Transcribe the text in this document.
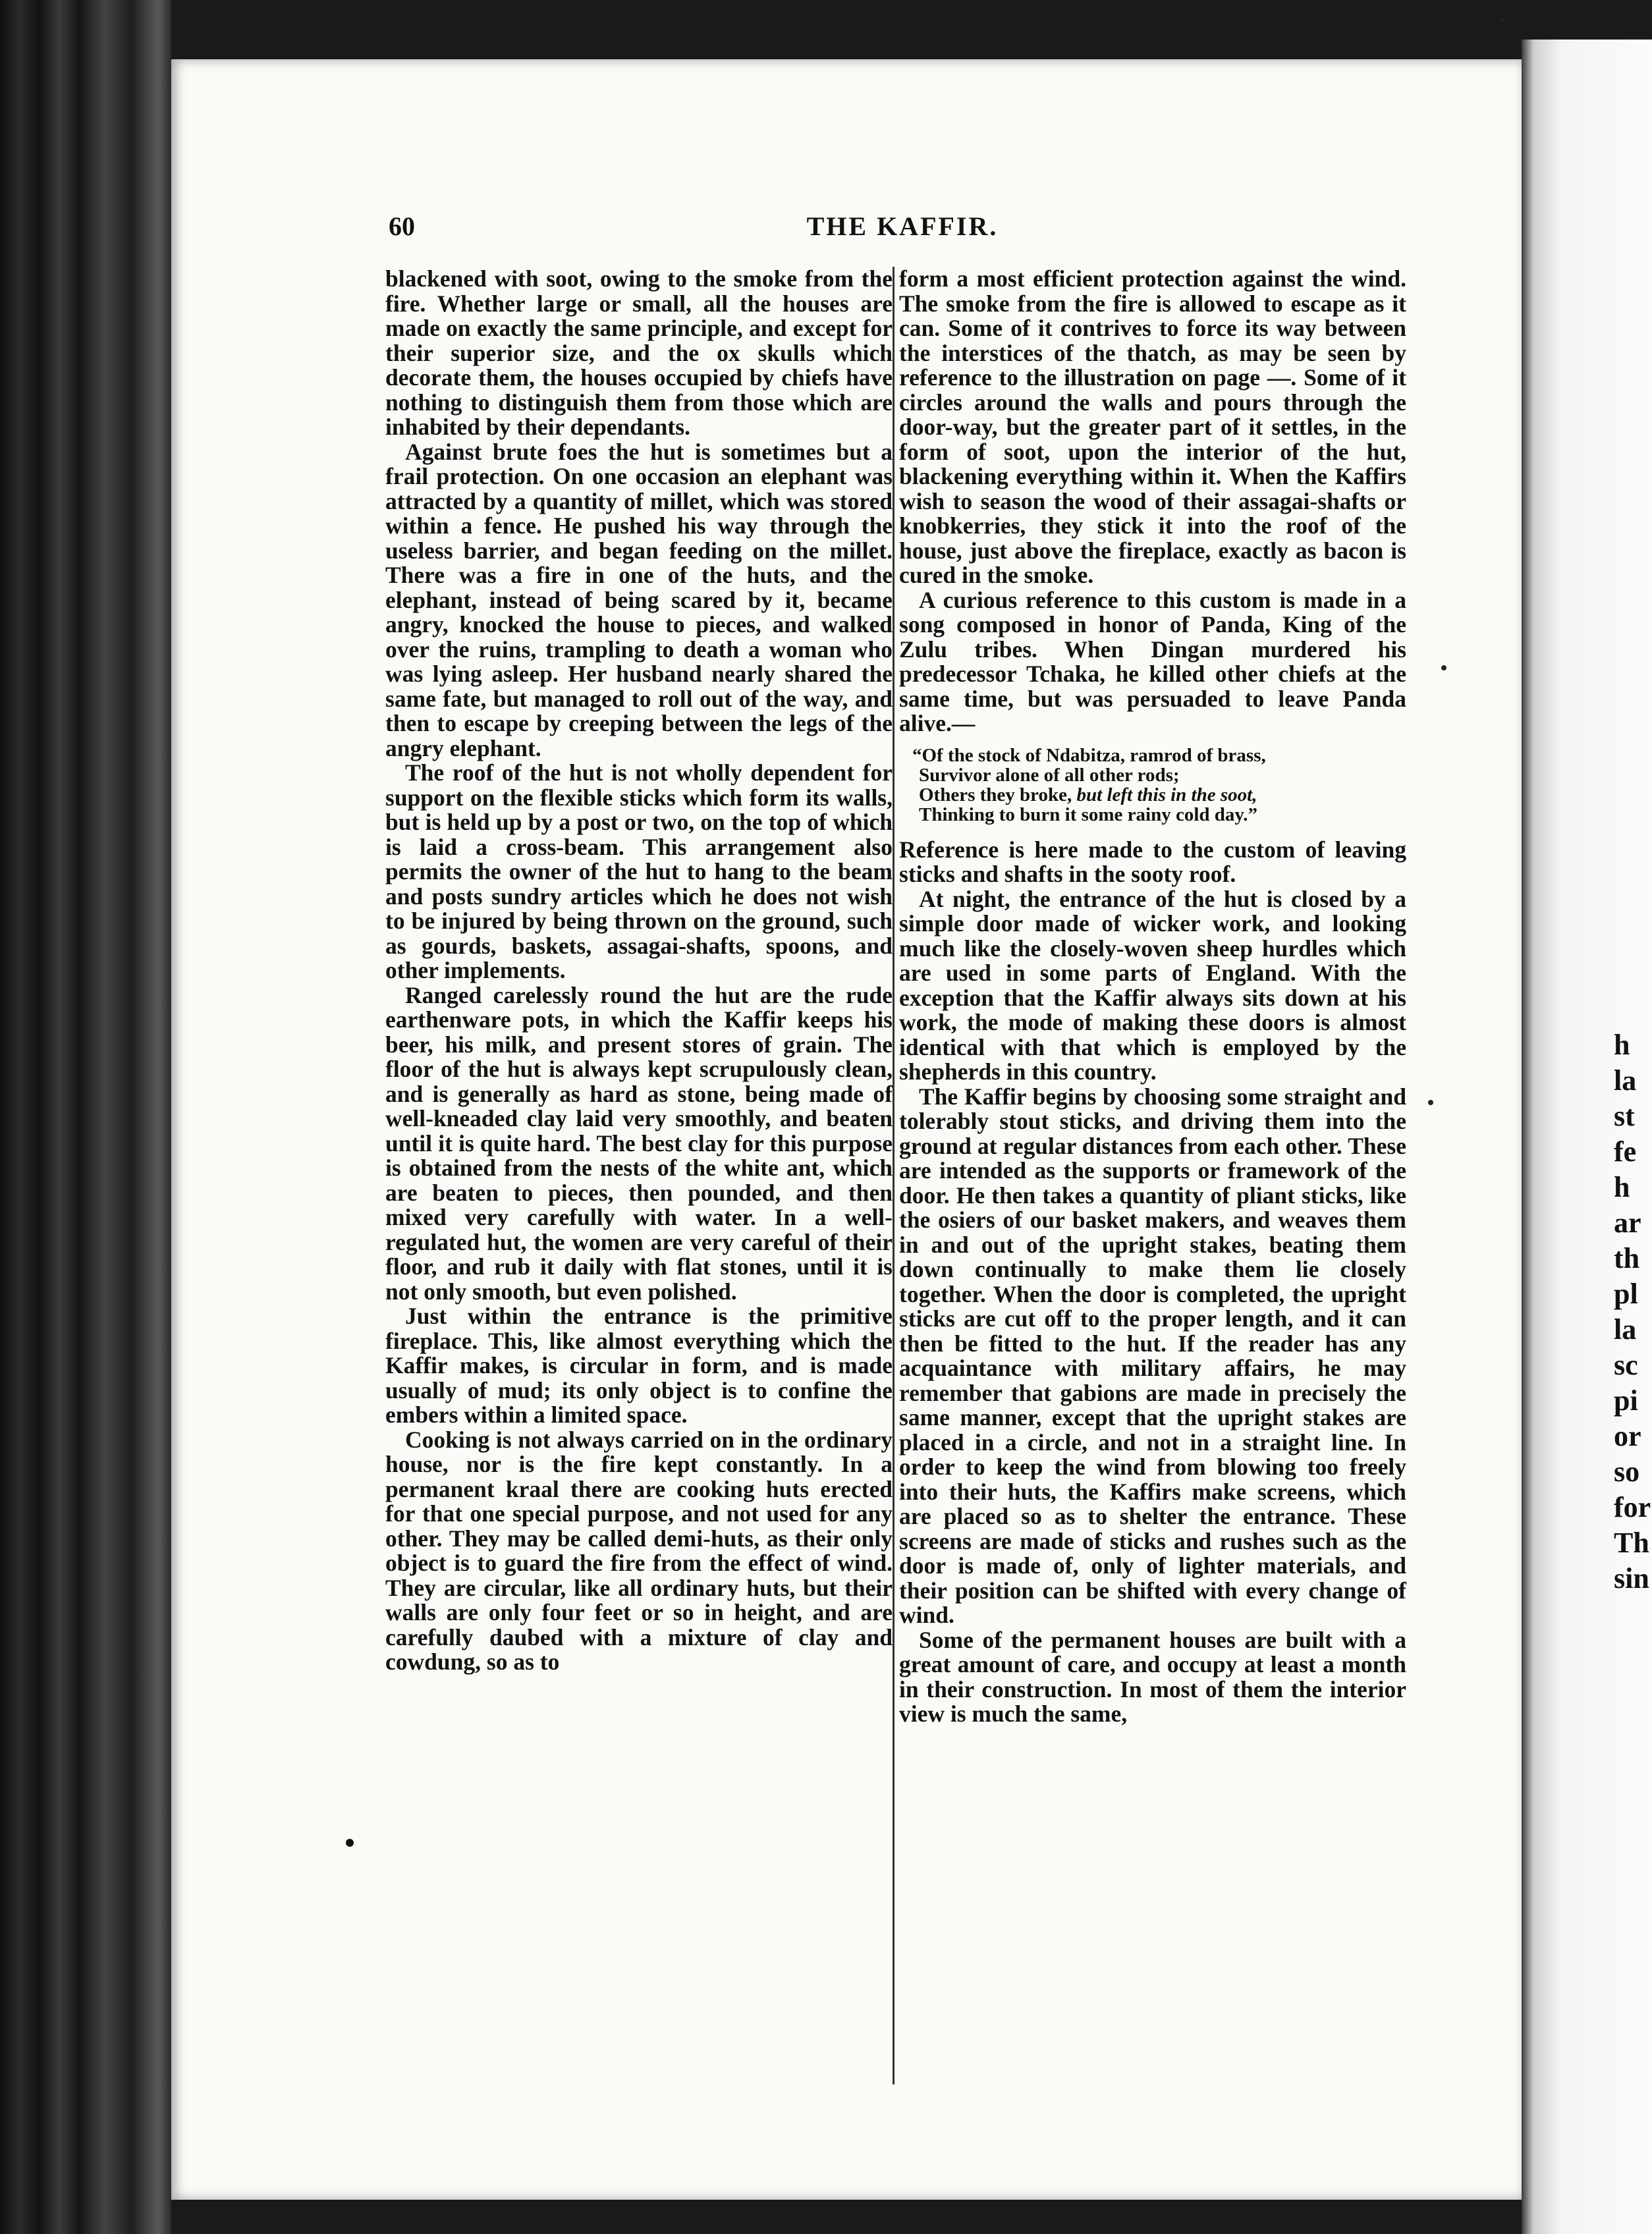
h
la
st
fe
h
ar
th
pl
la
sc
pi
or
so
for
Th
sin
·
60	THE KAFFIR.

blackened with soot, owing to the smoke from the fire. Whether large or small, all the houses are made on exactly the same principle, and except for their superior size, and the ox skulls which decorate them, the houses occupied by chiefs have nothing to distinguish them from those which are inhabited by their dependants.

Against brute foes the hut is sometimes but a frail protection. On one occasion an elephant was attracted by a quantity of millet, which was stored within a fence. He pushed his way through the useless barrier, and began feeding on the millet. There was a fire in one of the huts, and the elephant, instead of being scared by it, became angry, knocked the house to pieces, and walked over the ruins, trampling to death a woman who was lying asleep. Her husband nearly shared the same fate, but managed to roll out of the way, and then to escape by creeping between the legs of the angry elephant.

The roof of the hut is not wholly dependent for support on the flexible sticks which form its walls, but is held up by a post or two, on the top of which is laid a cross-beam. This arrangement also permits the owner of the hut to hang to the beam and posts sundry articles which he does not wish to be injured by being thrown on the ground, such as gourds, baskets, assagai-shafts, spoons, and other implements.

Ranged carelessly round the hut are the rude earthenware pots, in which the Kaffir keeps his beer, his milk, and present stores of grain. The floor of the hut is always kept scrupulously clean, and is generally as hard as stone, being made of well-kneaded clay laid very smoothly, and beaten until it is quite hard. The best clay for this purpose is obtained from the nests of the white ant, which are beaten to pieces, then pounded, and then mixed very carefully with water. In a well-regulated hut, the women are very careful of their floor, and rub it daily with flat stones, until it is not only smooth, but even polished.

Just within the entrance is the primitive fireplace. This, like almost everything which the Kaffir makes, is circular in form, and is made usually of mud; its only object is to confine the embers within a limited space.

Cooking is not always carried on in the ordinary house, nor is the fire kept constantly. In a permanent kraal there are cooking huts erected for that one special purpose, and not used for any other. They may be called demi-huts, as their only object is to guard the fire from the effect of wind. They are circular, like all ordinary huts, but their walls are only four feet or so in height, and are carefully daubed with a mixture of clay and cowdung, so as to

form a most efficient protection against the wind. The smoke from the fire is allowed to escape as it can. Some of it contrives to force its way between the interstices of the thatch, as may be seen by reference to the illustration on page —. Some of it circles around the walls and pours through the door-way, but the greater part of it settles, in the form of soot, upon the interior of the hut, blackening everything within it. When the Kaffirs wish to season the wood of their assagai-shafts or knobkerries, they stick it into the roof of the house, just above the fireplace, exactly as bacon is cured in the smoke.

A curious reference to this custom is made in a song composed in honor of Panda, King of the Zulu tribes. When Dingan murdered his predecessor Tchaka, he killed other chiefs at the same time, but was persuaded to leave Panda alive.—

“Of the stock of Ndabitza, ramrod of brass,
Survivor alone of all other rods;
Others they broke, but left this in the soot,
Thinking to burn it some rainy cold day.”

Reference is here made to the custom of leaving sticks and shafts in the sooty roof.

At night, the entrance of the hut is closed by a simple door made of wicker work, and looking much like the closely-woven sheep hurdles which are used in some parts of England. With the exception that the Kaffir always sits down at his work, the mode of making these doors is almost identical with that which is employed by the shepherds in this country.

The Kaffir begins by choosing some straight and tolerably stout sticks, and driving them into the ground at regular distances from each other. These are intended as the supports or framework of the door. He then takes a quantity of pliant sticks, like the osiers of our basket makers, and weaves them in and out of the upright stakes, beating them down continually to make them lie closely together. When the door is completed, the upright sticks are cut off to the proper length, and it can then be fitted to the hut. If the reader has any acquaintance with military affairs, he may remember that gabions are made in precisely the same manner, except that the upright stakes are placed in a circle, and not in a straight line. In order to keep the wind from blowing too freely into their huts, the Kaffirs make screens, which are placed so as to shelter the entrance. These screens are made of sticks and rushes such as the door is made of, only of lighter materials, and their position can be shifted with every change of wind.

Some of the permanent houses are built with a great amount of care, and occupy at least a month in their construction. In most of them the interior view is much the same,
